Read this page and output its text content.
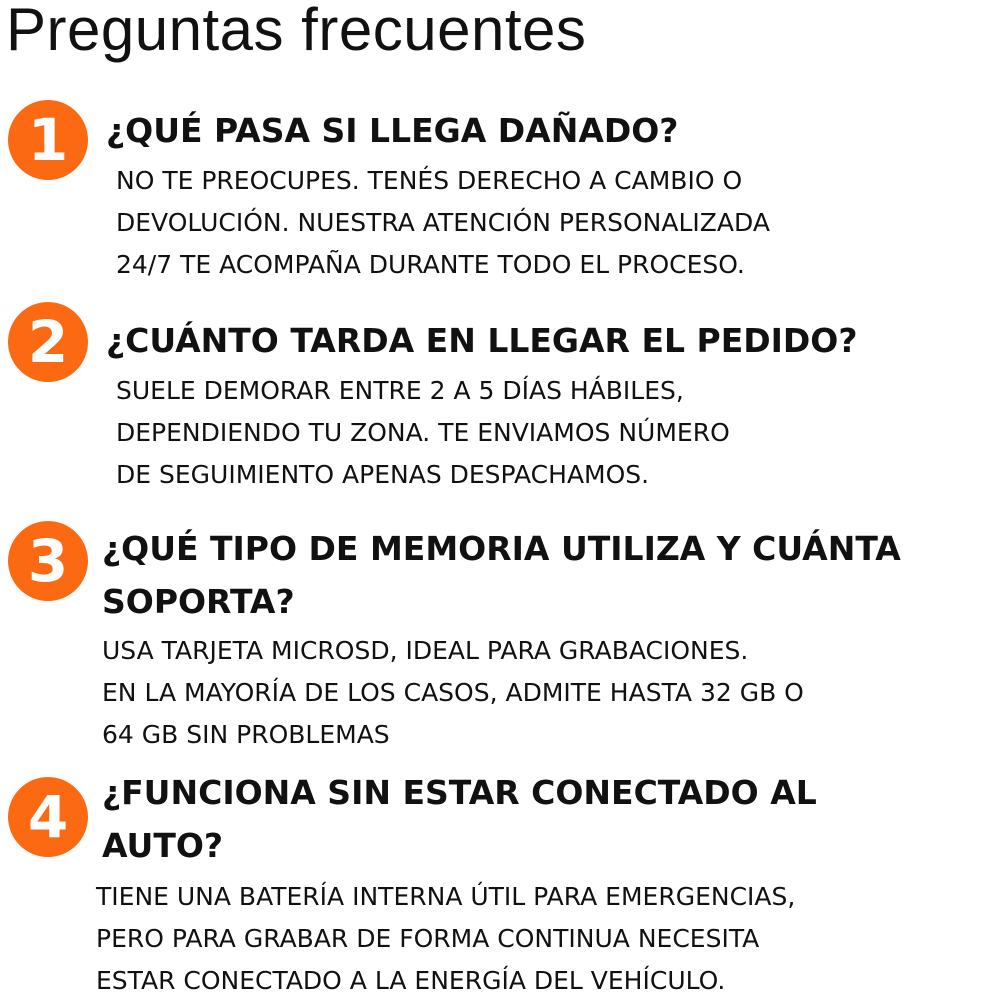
Preguntas frecuentes
1	¿QUÉ PASA SI LLEGA DAÑADO?

NO TE PREOCUPES. TENÉS DERECHO A CAMBIO O
DEVOLUCIÓN. NUESTRA ATENCIÓN PERSONALIZADA
24/7 TE ACOMPAÑA DURANTE TODO EL PROCESO.

2	¿CUÁNTO TARDA EN LLEGAR EL PEDIDO?

SUELE DEMORAR ENTRE 2 A 5 DÍAS HÁBILES,
DEPENDIENDO TU ZONA. TE ENVIAMOS NÚMERO
DE SEGUIMIENTO APENAS DESPACHAMOS.

3	¿QUÉ TIPO DE MEMORIA UTILIZA Y CUÁNTA
SOPORTA?

USA TARJETA MICROSD, IDEAL PARA GRABACIONES.
EN LA MAYORÍA DE LOS CASOS, ADMITE HASTA 32 GB O
64 GB SIN PROBLEMAS

4	¿FUNCIONA SIN ESTAR CONECTADO AL
AUTO?

TIENE UNA BATERÍA INTERNA ÚTIL PARA EMERGENCIAS,
PERO PARA GRABAR DE FORMA CONTINUA NECESITA
ESTAR CONECTADO A LA ENERGÍA DEL VEHÍCULO.
